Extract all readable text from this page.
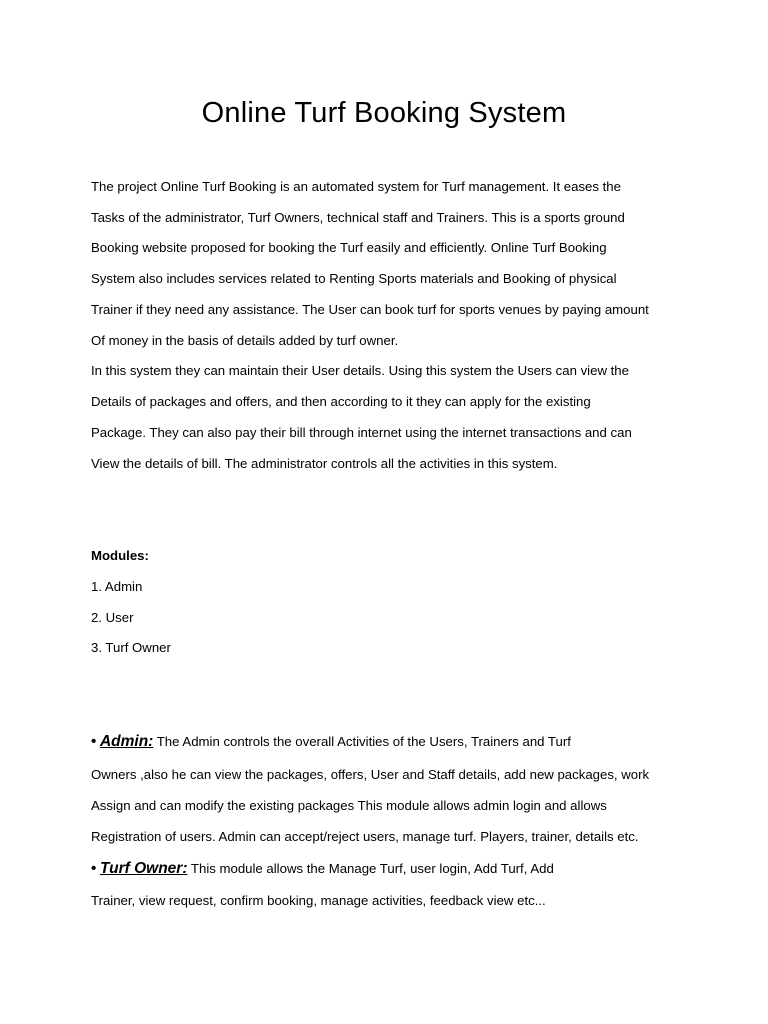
Online Turf Booking System

The project Online Turf Booking is an automated system for Turf management. It eases the

Tasks of the administrator, Turf Owners, technical staff and Trainers. This is a sports ground

Booking website proposed for booking the Turf easily and efficiently. Online Turf Booking

System also includes services related to Renting Sports materials and Booking of physical

Trainer if they need any assistance. The User can book turf for sports venues by paying amount

Of money in the basis of details added by turf owner.

In this system they can maintain their User details. Using this system the Users can view the

Details of packages and offers, and then according to it they can apply for the existing

Package. They can also pay their bill through internet using the internet transactions and can

View the details of bill. The administrator controls all the activities in this system.

Modules:

1. Admin

2. User

3. Turf Owner

• Admin: The Admin controls the overall Activities of the Users, Trainers and Turf

Owners ,also he can view the packages, offers, User and Staff details, add new packages, work

Assign and can modify the existing packages This module allows admin login and allows

Registration of users. Admin can accept/reject users, manage turf. Players, trainer, details etc.

• Turf Owner: This module allows the Manage Turf, user login, Add Turf, Add

Trainer, view request, confirm booking, manage activities, feedback view etc...
